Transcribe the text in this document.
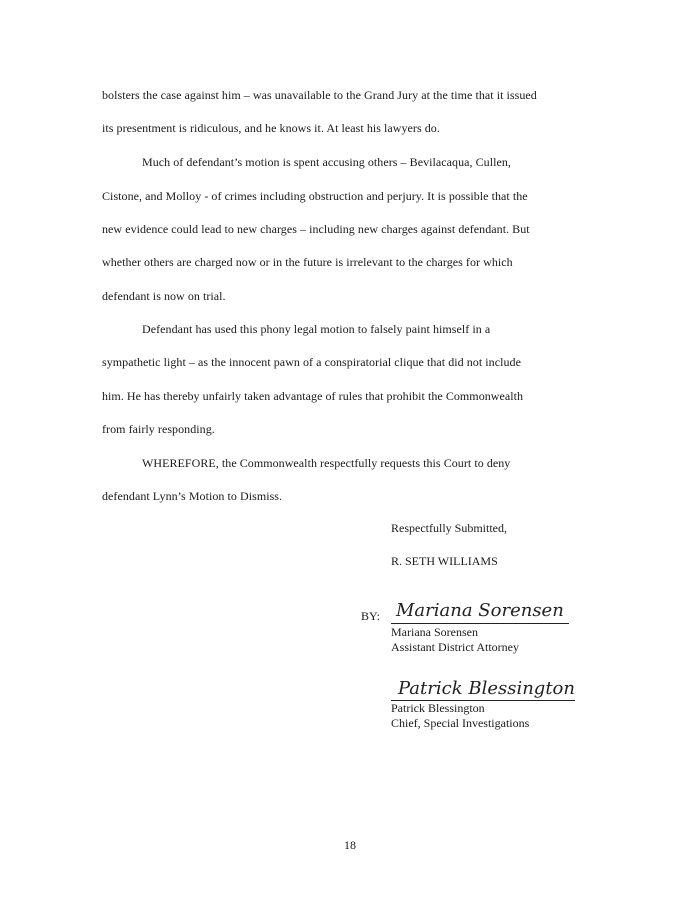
bolsters the case against him – was unavailable to the Grand Jury at the time that it issued
its presentment is ridiculous, and he knows it. At least his lawyers do.
Much of defendant’s motion is spent accusing others – Bevilacaqua, Cullen,
Cistone, and Molloy - of crimes including obstruction and perjury. It is possible that the
new evidence could lead to new charges – including new charges against defendant. But
whether others are charged now or in the future is irrelevant to the charges for which
defendant is now on trial.
Defendant has used this phony legal motion to falsely paint himself in a
sympathetic light – as the innocent pawn of a conspiratorial clique that did not include
him. He has thereby unfairly taken advantage of rules that prohibit the Commonwealth
from fairly responding.
WHEREFORE, the Commonwealth respectfully requests this Court to deny
defendant Lynn’s Motion to Dismiss.
Respectfully Submitted,
R. SETH WILLIAMS
BY: Mariana Sorensen
Mariana Sorensen
Assistant District Attorney
Patrick Blessington
Patrick Blessington
Chief, Special Investigations
18
